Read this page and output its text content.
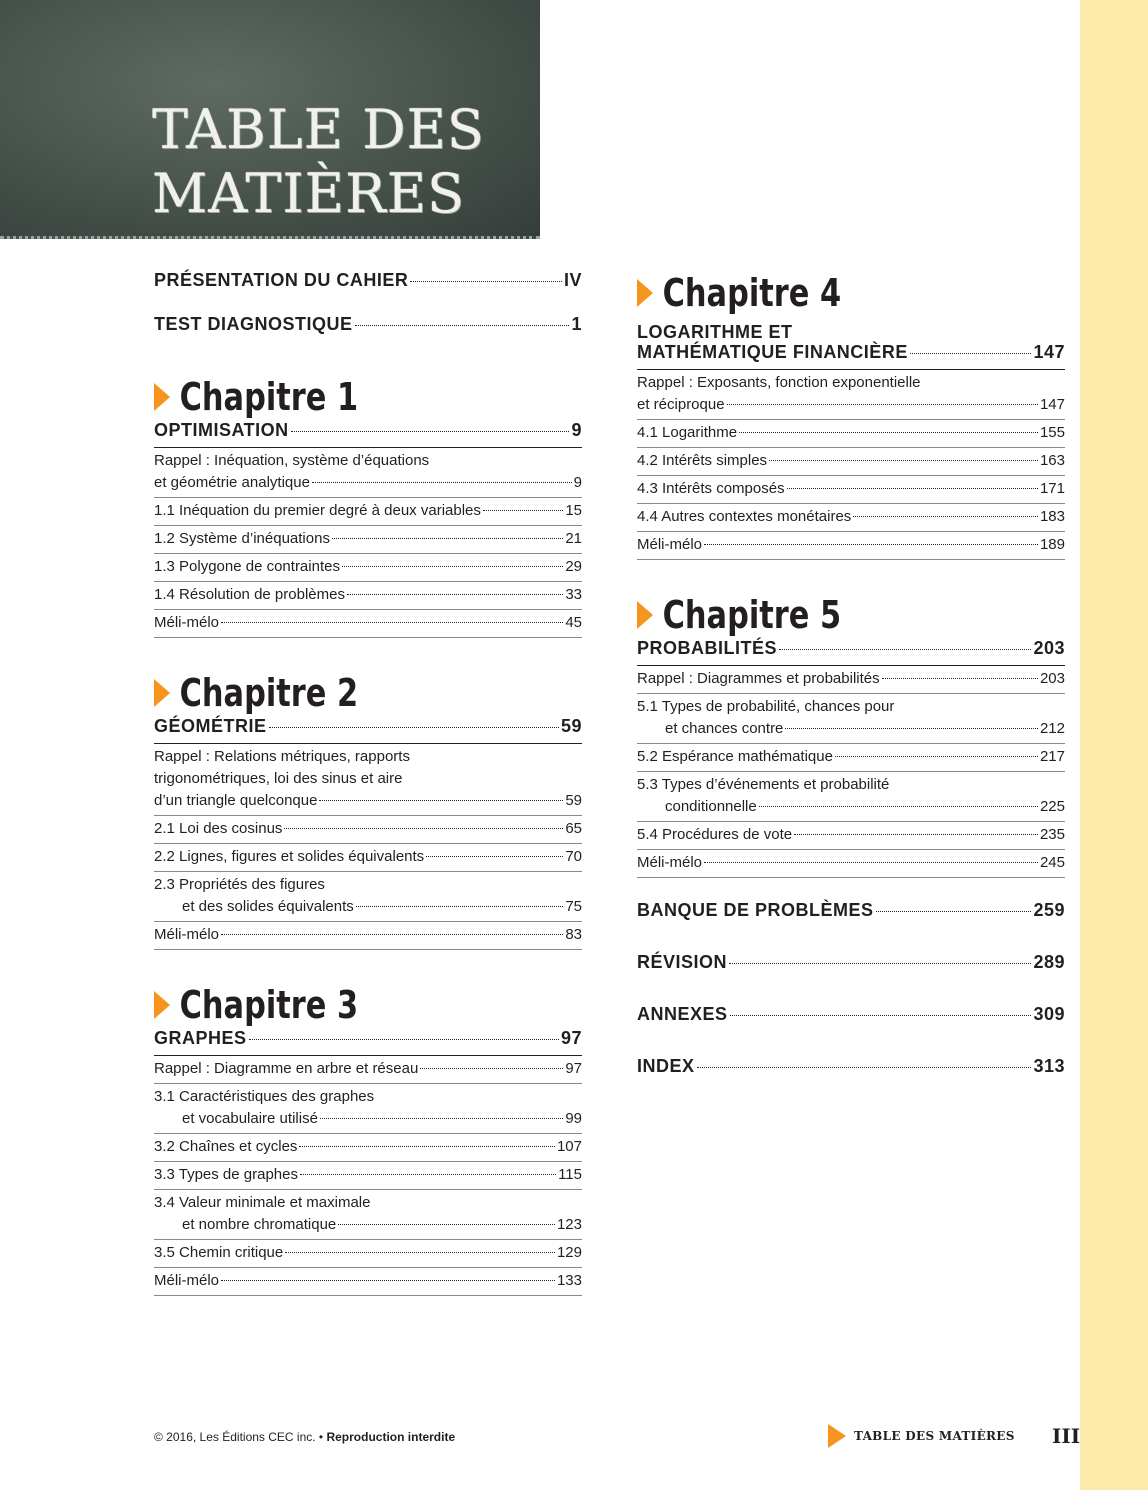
TABLE DES
MATIÈRES
PRÉSENTATION DU CAHIER	IV
TEST DIAGNOSTIQUE	1
Chapitre 1
OPTIMISATION	9
Rappel : Inéquation, système d’équations
et géométrie analytique	9
1.1 Inéquation du premier degré à deux variables	15
1.2 Système d’inéquations	21
1.3 Polygone de contraintes	29
1.4 Résolution de problèmes	33
Méli-mélo	45
Chapitre 2
GÉOMÉTRIE	59
Rappel : Relations métriques, rapports
trigonométriques, loi des sinus et aire
d’un triangle quelconque	59
2.1 Loi des cosinus	65
2.2 Lignes, figures et solides équivalents	70
2.3 Propriétés des figures
et des solides équivalents	75
Méli-mélo	83
Chapitre 3
GRAPHES	97
Rappel : Diagramme en arbre et réseau	97
3.1 Caractéristiques des graphes
et vocabulaire utilisé	99
3.2 Chaînes et cycles	107
3.3 Types de graphes	115
3.4 Valeur minimale et maximale
et nombre chromatique	123
3.5 Chemin critique	129
Méli-mélo	133
Chapitre 4
LOGARITHME ET
MATHÉMATIQUE FINANCIÈRE	147
Rappel : Exposants, fonction exponentielle
et réciproque	147
4.1 Logarithme	155
4.2 Intérêts simples	163
4.3 Intérêts composés	171
4.4 Autres contextes monétaires	183
Méli-mélo	189
Chapitre 5
PROBABILITÉS	203
Rappel : Diagrammes et probabilités	203
5.1 Types de probabilité, chances pour
et chances contre	212
5.2 Espérance mathématique	217
5.3 Types d’événements et probabilité
conditionnelle	225
5.4 Procédures de vote	235
Méli-mélo	245
BANQUE DE PROBLÈMES	259
RÉVISION	289
ANNEXES	309
INDEX	313
© 2016, Les Éditions CEC inc. • Reproduction interdite	TABLE DES MATIÈRES III
